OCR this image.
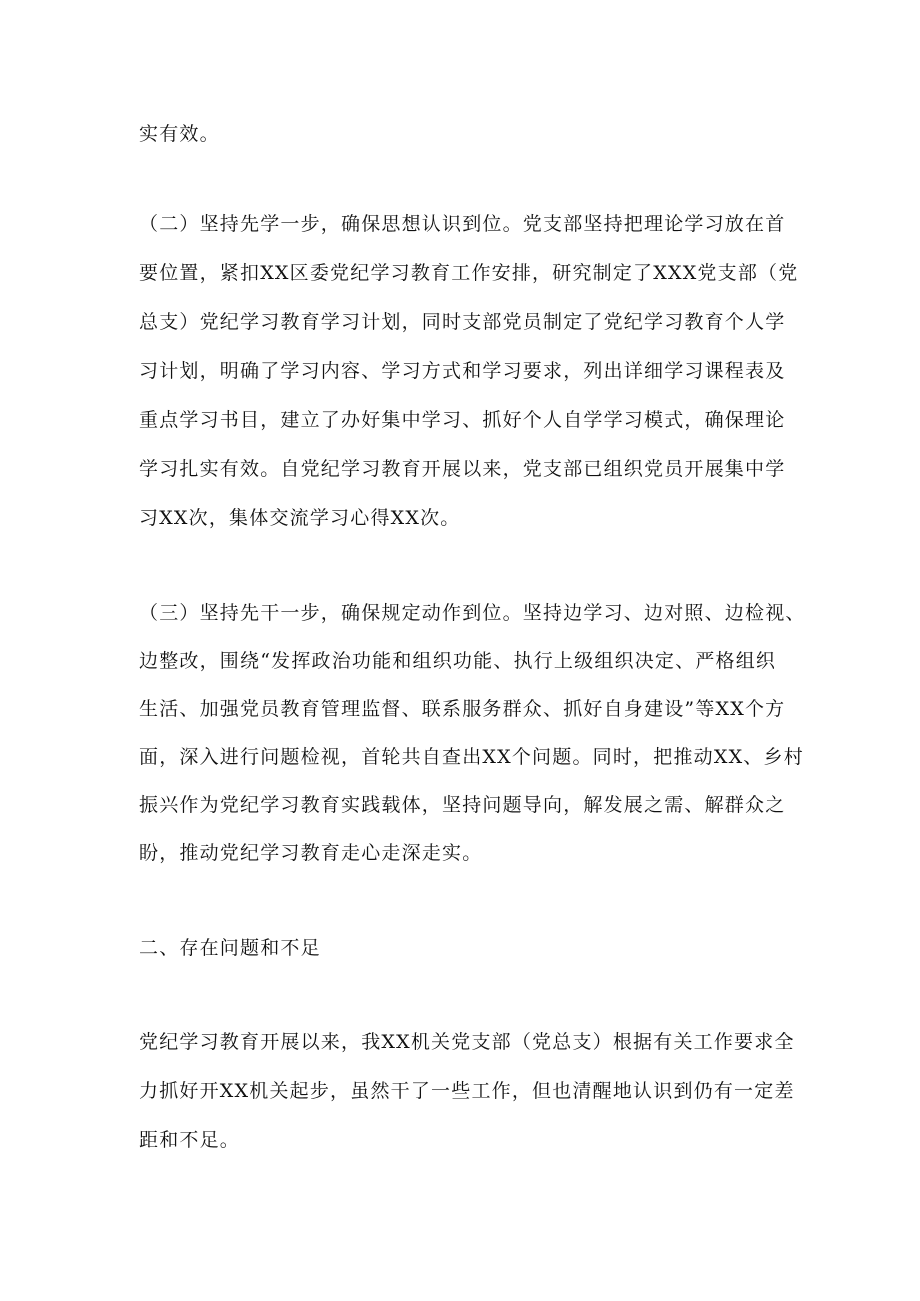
实有效。

（二）坚持先学一步，确保思想认识到位。党支部坚持把理论学习放在首

要位置，紧扣XX区委党纪学习教育工作安排，研究制定了XXX党支部（党

总支）党纪学习教育学习计划，同时支部党员制定了党纪学习教育个人学

习计划，明确了学习内容、学习方式和学习要求，列出详细学习课程表及

重点学习书目，建立了办好集中学习、抓好个人自学学习模式，确保理论

学习扎实有效。自党纪学习教育开展以来，党支部已组织党员开展集中学

习XX次，集体交流学习心得XX次。

（三）坚持先干一步，确保规定动作到位。坚持边学习、边对照、边检视、

边整改，围绕“发挥政治功能和组织功能、执行上级组织决定、严格组织

生活、加强党员教育管理监督、联系服务群众、抓好自身建设”等XX个方

面，深入进行问题检视，首轮共自查出XX个问题。同时，把推动XX、乡村

振兴作为党纪学习教育实践载体，坚持问题导向，解发展之需、解群众之

盼，推动党纪学习教育走心走深走实。

二、存在问题和不足

党纪学习教育开展以来，我XX机关党支部（党总支）根据有关工作要求全

力抓好开XX机关起步，虽然干了一些工作，但也清醒地认识到仍有一定差

距和不足。
